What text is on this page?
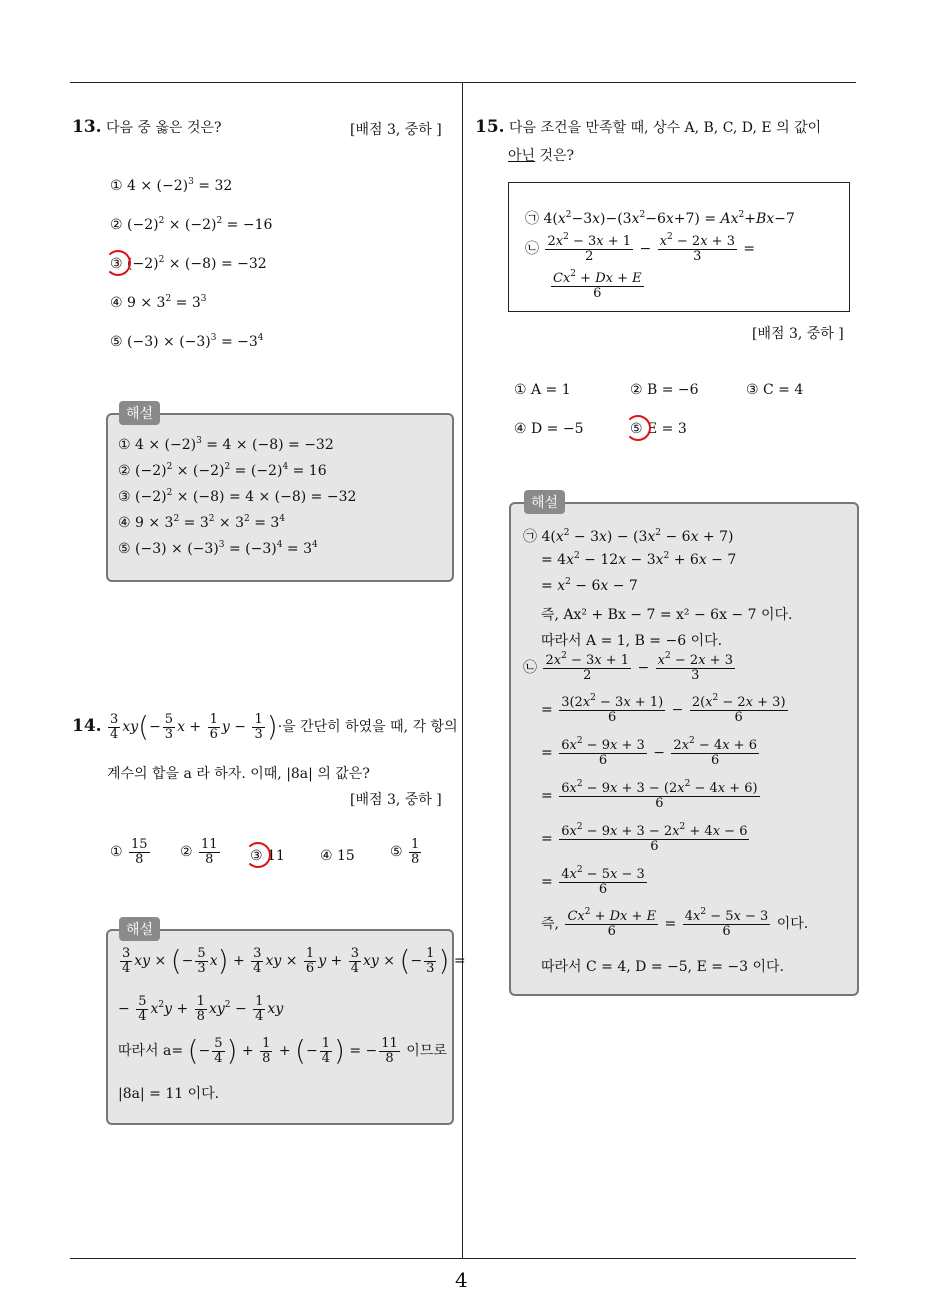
4
13. 다음 중 옳은 것은?	[배점 3, 중하 ]
① $4 \times (-2)^3 = 32$
② $(-2)^2 \times (-2)^2 = -16$
③ $(-2)^2 \times (-8) = -32$
④ $9 \times 3^2 = 3^3$
⑤ $(-3) \times (-3)^3 = -3^4$
① $4 \times (-2)^3 = 4 \times (-8) = -32$
② $(-2)^2 \times (-2)^2 = (-2)^4 = 16$
③ $(-2)^2 \times (-8) = 4 \times (-8) = -32$
④ $9 \times 3^2 = 3^2 \times 3^2 = 3^4$
⑤ $(-3) \times (-3)^3 = (-3)^4 = 3^4$
해설
14. $\frac{3}{4} xy(- \frac{5}{3}$ $x + \frac{1}{6}$ $y - \frac{1}{3}$ )·을 간단히 하였을 때, 각 항의
계수의 합을 a 라 하자. 이때, |8a| 의 값은?
[배점 3, 중하 ]
① $\frac{15}{8}$ ② $\frac{11}{8}$ ③ 11	④ 15	⑤ $\frac{1}{8}$
$\frac{3}{4}$ xy × (− $\frac{5}{3} x) + \frac{3}{4}$ xy × $\frac{1}{6}$ $y + \frac{3}{4}$ xy × (− $\frac{1}{3}$ ) =
− $\frac{5}{4} x^2y + \frac{1}{8} xy^2 - \frac{1}{4}$ xy
따라서 a= (− $\frac{5}{4}$ ) + $\frac{1}{8}$ + (− $\frac{1}{4}$ ) = − $\frac{11}{8}$ 이므로
|8a| = 11 이다.
해설
15. 다음 조건을 만족할 때, 상수 A, B, C, D, E 의 값이
아닌 것은?
㉠ $4(x^2-3x)-(3x^2-6x+7) = Ax^2+Bx-7$
㉡ $\frac{2x^2 - 3x + 1}{2} - \frac{x^2 - 2x + 3}{3}$ =
$\frac{Cx^2 + Dx + E}{6}$
[배점 3, 중하 ]
① A = 1	② B = −6	③ C = 4
④ D = −5	⑤ E = 3
㉠ $4(x^2 - 3x) - (3x^2 - 6x + 7)$
= $4x^2 - 12x - 3x^2 + 6x - 7$
= $x^2 - 6x - 7$
즉, Ax² + Bx − 7 = x² − 6x − 7 이다.
따라서 A = 1, B = −6 이다.
㉡ $\frac{2x^2 - 3x + 1}{2} - \frac{x^2 - 2x + 3}{3}$
= $\frac{3(2x^2 - 3x + 1)}{6} - \frac{2(x^2 - 2x + 3)}{6}$
= $\frac{6x^2 - 9x + 3}{6} - \frac{2x^2 - 4x + 6}{6}$
= $\frac{6x^2 - 9x + 3 - (2x^2 - 4x + 6)}{6}$
= $\frac{6x^2 - 9x + 3 - 2x^2 + 4x - 6}{6}$
= $\frac{4x^2 - 5x - 3}{6}$
즉, $\frac{Cx^2 + Dx + E}{6} = \frac{4x^2 - 5x - 3}{6}$ 이다.
따라서 C = 4, D = −5, E = −3 이다.
해설
